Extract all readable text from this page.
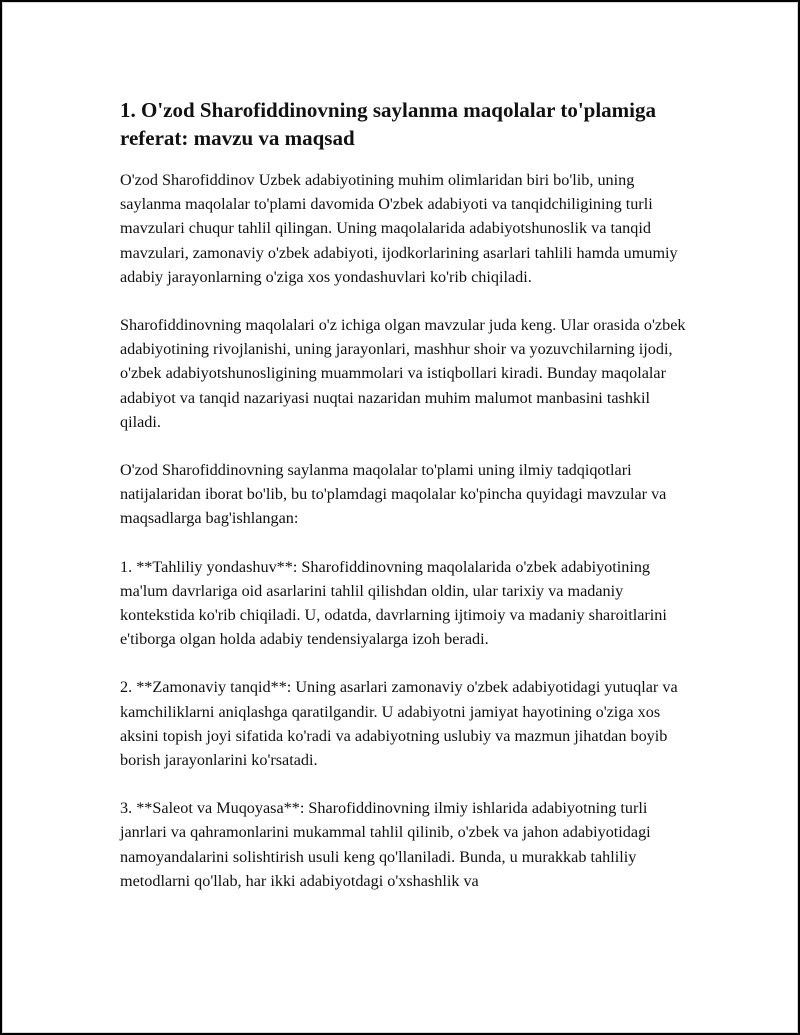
1. O'zod Sharofiddinovning saylanma maqolalar to'plamiga referat: mavzu va maqsad

O'zod Sharofiddinov Uzbek adabiyotining muhim olimlaridan biri bo'lib, uning saylanma maqolalar to'plami davomida O'zbek adabiyoti va tanqidchiligining turli mavzulari chuqur tahlil qilingan. Uning maqolalarida adabiyotshunoslik va tanqid mavzulari, zamonaviy o'zbek adabiyoti, ijodkorlarining asarlari tahlili hamda umumiy adabiy jarayonlarning o'ziga xos yondashuvlari ko'rib chiqiladi.

Sharofiddinovning maqolalari o'z ichiga olgan mavzular juda keng. Ular orasida o'zbek adabiyotining rivojlanishi, uning jarayonlari, mashhur shoir va yozuvchilarning ijodi, o'zbek adabiyotshunosligining muammolari va istiqbollari kiradi. Bunday maqolalar adabiyot va tanqid nazariyasi nuqtai nazaridan muhim malumot manbasini tashkil qiladi.

O'zod Sharofiddinovning saylanma maqolalar to'plami uning ilmiy tadqiqotlari natijalaridan iborat bo'lib, bu to'plamdagi maqolalar ko'pincha quyidagi mavzular va maqsadlarga bag'ishlangan:

1. **Tahliliy yondashuv**: Sharofiddinovning maqolalarida o'zbek adabiyotining ma'lum davrlariga oid asarlarini tahlil qilishdan oldin, ular tarixiy va madaniy kontekstida ko'rib chiqiladi. U, odatda, davrlarning ijtimoiy va madaniy sharoitlarini e'tiborga olgan holda adabiy tendensiyalarga izoh beradi.

2. **Zamonaviy tanqid**: Uning asarlari zamonaviy o'zbek adabiyotidagi yutuqlar va kamchiliklarni aniqlashga qaratilgandir. U adabiyotni jamiyat hayotining o'ziga xos aksini topish joyi sifatida ko'radi va adabiyotning uslubiy va mazmun jihatdan boyib borish jarayonlarini ko'rsatadi.

3. **Saleot va Muqoyasa**: Sharofiddinovning ilmiy ishlarida adabiyotning turli janrlari va qahramonlarini mukammal tahlil qilinib, o'zbek va jahon adabiyotidagi namoyandalarini solishtirish usuli keng qo'llaniladi. Bunda, u murakkab tahliliy metodlarni qo'llab, har ikki adabiyotdagi o'xshashlik va
